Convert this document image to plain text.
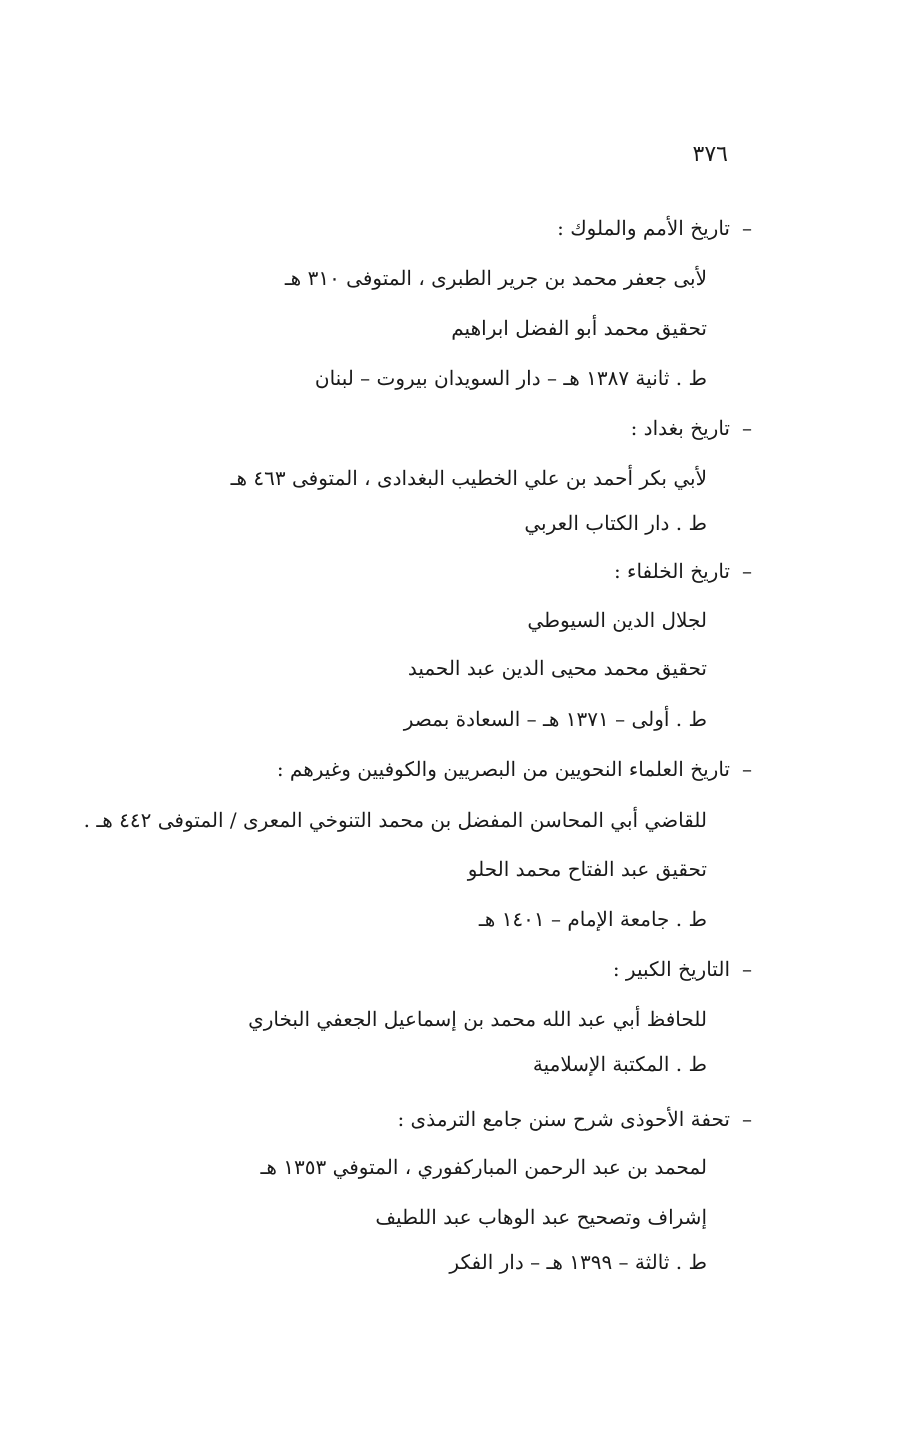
٣٧٦
–تاريخ الأمم والملوك :
لأبى جعفر محمد بن جرير الطبرى ، المتوفى ٣١٠ هـ
تحقيق محمد أبو الفضل ابراهيم
ط . ثانية ١٣٨٧ هـ – دار السويدان بيروت – لبنان
–تاريخ بغداد :
لأبي بكر أحمد بن علي الخطيب البغدادى ، المتوفى ٤٦٣ هـ
ط . دار الكتاب العربي
–تاريخ الخلفاء :
لجلال الدين السيوطي
تحقيق محمد محيى الدين عبد الحميد
ط . أولى – ١٣٧١ هـ – السعادة بمصر
–تاريخ العلماء النحويين من البصريين والكوفيين وغيرهم :
للقاضي أبي المحاسن المفضل بن محمد التنوخي المعرى / المتوفى ٤٤٢ هـ .
تحقيق عبد الفتاح محمد الحلو
ط . جامعة الإمام – ١٤٠١ هـ
–التاريخ الكبير :
للحافظ أبي عبد الله محمد بن إسماعيل الجعفي البخاري
ط . المكتبة الإسلامية
–تحفة الأحوذى شرح سنن جامع الترمذى :
لمحمد بن عبد الرحمن المباركفوري ، المتوفي ١٣٥٣ هـ
إشراف وتصحيح عبد الوهاب عبد اللطيف
ط . ثالثة – ١٣٩٩ هـ – دار الفكر
